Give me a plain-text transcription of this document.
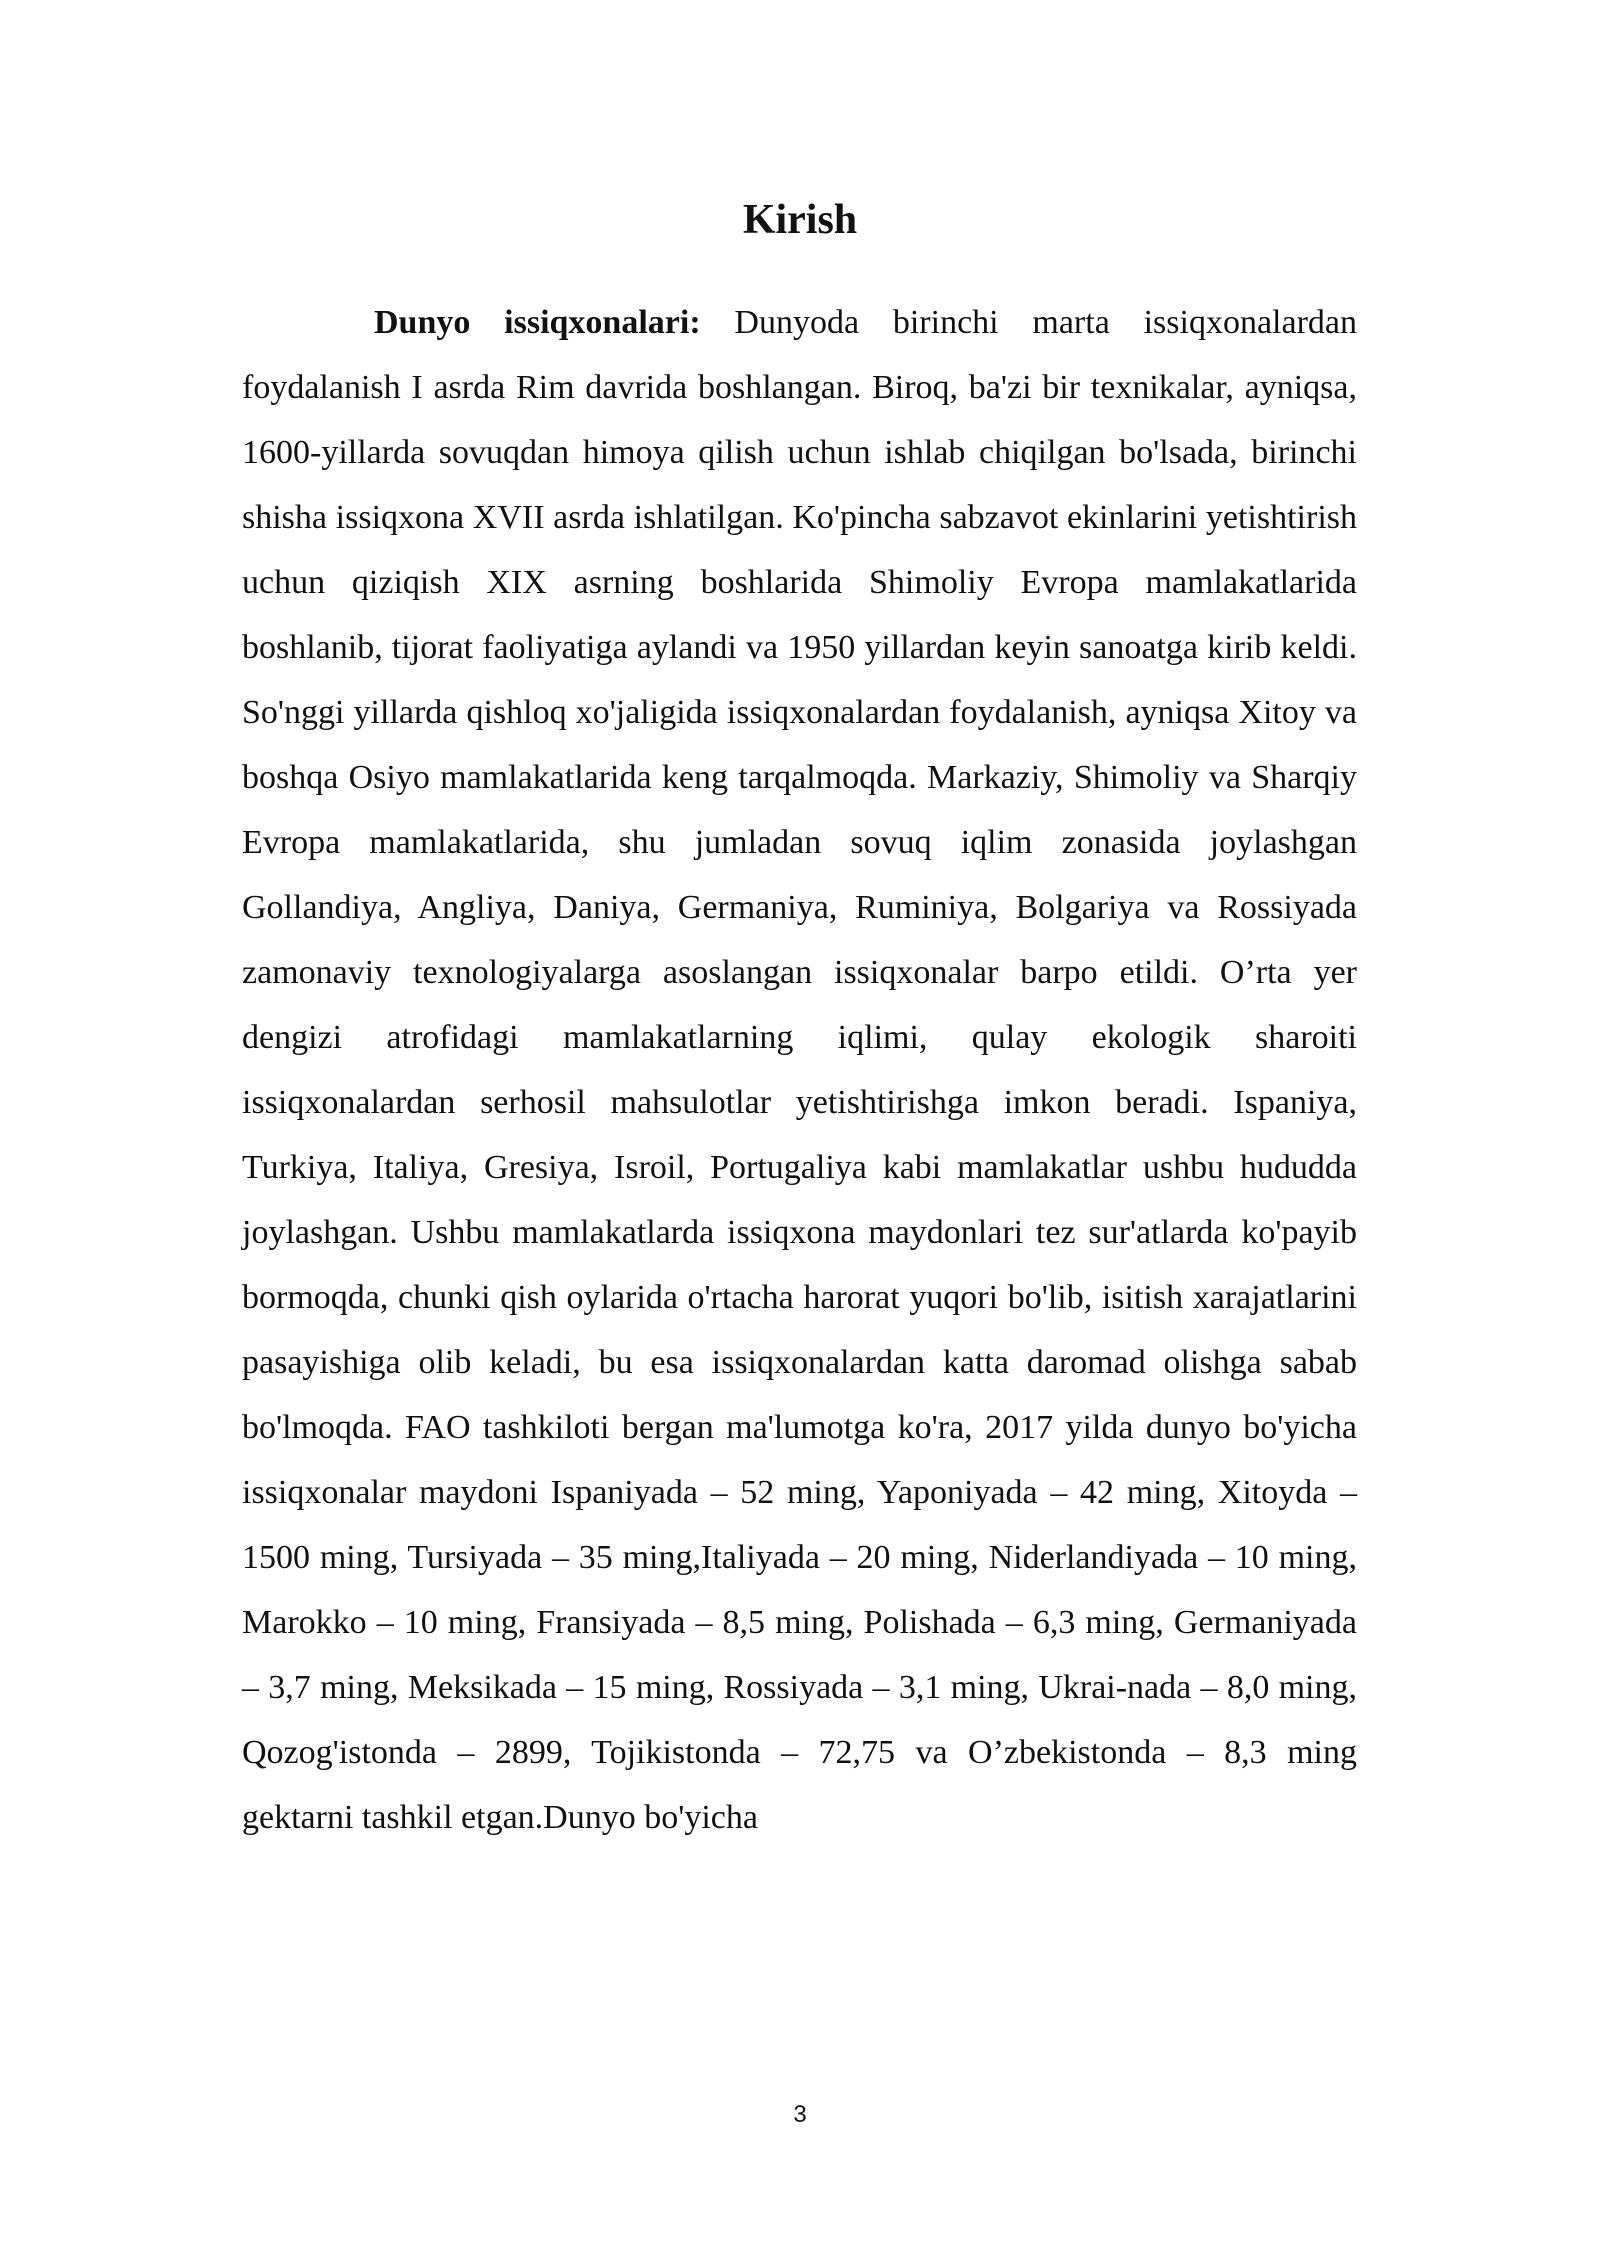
Kirish

Dunyo issiqxonalari: Dunyoda birinchi marta issiqxonalardan foydalanish I asrda Rim davrida boshlangan. Biroq, ba'zi bir texnikalar, ayniqsa, 1600-yillarda sovuqdan himoya qilish uchun ishlab chiqilgan bo'lsada, birinchi shisha issiqxona XVII asrda ishlatilgan. Ko'pincha sabzavot ekinlarini yetishtirish uchun qiziqish XIX asrning boshlarida Shimoliy Evropa mamlakatlarida boshlanib, tijorat faoliyatiga aylandi va 1950 yillardan keyin sanoatga kirib keldi. So'nggi yillarda qishloq xo'jaligida issiqxonalardan foydalanish, ayniqsa Xitoy va boshqa Osiyo mamlakatlarida keng tarqalmoqda. Markaziy, Shimoliy va Sharqiy Evropa mamlakatlarida, shu jumladan sovuq iqlim zonasida joylashgan Gollandiya, Angliya, Daniya, Germaniya, Ruminiya, Bolgariya va Rossiyada zamonaviy texnologiyalarga asoslangan issiqxonalar barpo etildi. O’rta yer dengizi atrofidagi mamlakatlarning iqlimi, qulay ekologik sharoiti issiqxonalardan serhosil mahsulotlar yetishtirishga imkon beradi. Ispaniya, Turkiya, Italiya, Gresiya, Isroil, Portugaliya kabi mamlakatlar ushbu hududda joylashgan. Ushbu mamlakatlarda issiqxona maydonlari tez sur'atlarda ko'payib bormoqda, chunki qish oylarida o'rtacha harorat yuqori bo'lib, isitish xarajatlarini pasayishiga olib keladi, bu esa issiqxonalardan katta daromad olishga sabab bo'lmoqda. FAO tashkiloti bergan ma'lumotga ko'ra, 2017 yilda dunyo bo'yicha issiqxonalar maydoni Ispaniyada – 52 ming, Yaponiyada – 42 ming, Xitoyda – 1500 ming, Tursiyada – 35 ming,Italiyada – 20 ming, Niderlandiyada – 10 ming, Marokko – 10 ming, Fransiyada – 8,5 ming, Polishada – 6,3 ming, Germaniyada – 3,7 ming, Meksikada – 15 ming, Rossiyada – 3,1 ming, Ukrai-nada – 8,0 ming, Qozog'istonda – 2899, Tojikistonda – 72,75 va O’zbekistonda – 8,3 ming gektarni tashkil etgan.Dunyo bo'yicha

3
